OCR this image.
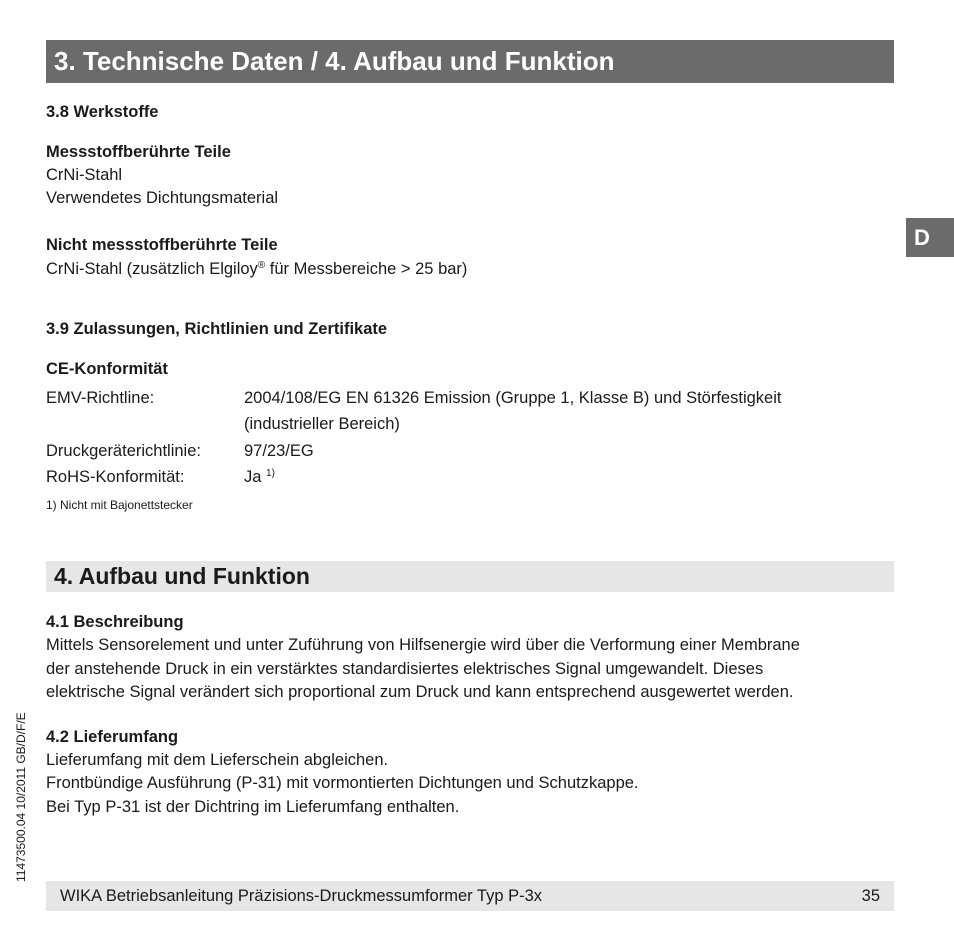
3. Technische Daten / 4. Aufbau und Funktion
D
3.8 Werkstoffe
Messstoffberührte Teile
CrNi-Stahl
Verwendetes Dichtungsmaterial
Nicht messstoffberührte Teile
CrNi-Stahl (zusätzlich Elgiloy® für Messbereiche > 25 bar)
3.9 Zulassungen, Richtlinien und Zertifikate
CE-Konformität
EMV-Richtline:	2004/108/EG EN 61326 Emission (Gruppe 1, Klasse B) und Störfestigkeit
(industrieller Bereich)
Druckgeräterichtlinie:	97/23/EG
RoHS-Konformität:	Ja $^{1)}$
1) Nicht mit Bajonettstecker
4. Aufbau und Funktion
4.1 Beschreibung
Mittels Sensorelement und unter Zuführung von Hilfsenergie wird über die Verformung einer Membrane
der anstehende Druck in ein verstärktes standardisiertes elektrisches Signal umgewandelt. Dieses
elektrische Signal verändert sich proportional zum Druck und kann entsprechend ausgewertet werden.
4.2 Lieferumfang
Lieferumfang mit dem Lieferschein abgleichen.
Frontbündige Ausführung (P-31) mit vormontierten Dichtungen und Schutzkappe.
Bei Typ P-31 ist der Dichtring im Lieferumfang enthalten.
11473500.04 10/2011 GB/D/F/E
WIKA Betriebsanleitung Präzisions-Druckmessumformer Typ P-3x	35
